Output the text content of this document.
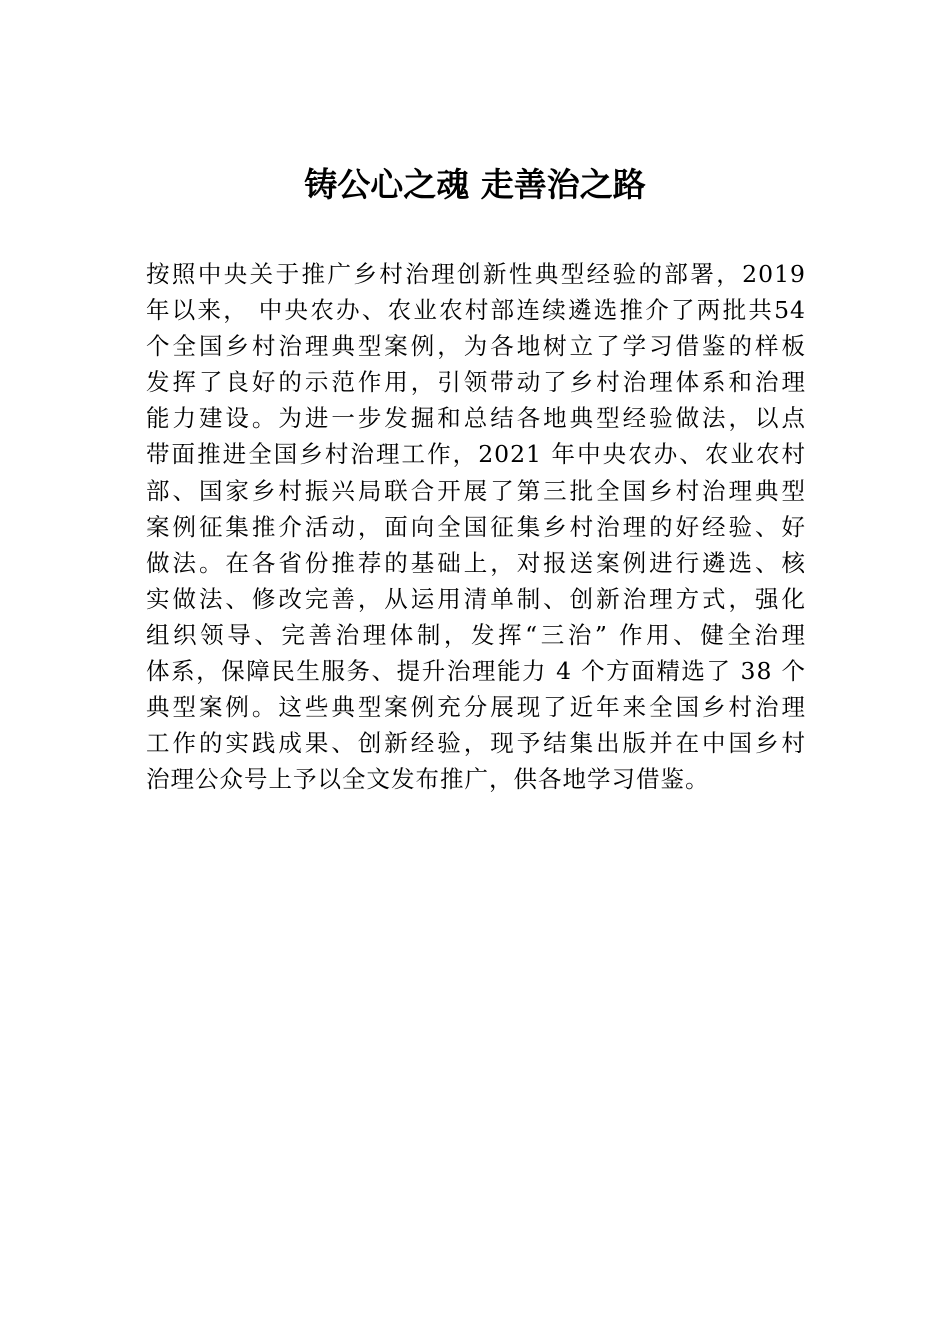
铸公心之魂 走善治之路
按照中央关于推广乡村治理创新性典型经验的部署，2019
年以来， 中央农办、农业农村部连续遴选推介了两批共54
个全国乡村治理典型案例，为各地树立了学习借鉴的样板
发挥了良好的示范作用，引领带动了乡村治理体系和治理
能力建设。为进一步发掘和总结各地典型经验做法，以点
带面推进全国乡村治理工作，2021 年中央农办、农业农村
部、国家乡村振兴局联合开展了第三批全国乡村治理典型
案例征集推介活动，面向全国征集乡村治理的好经验、好
做法。在各省份推荐的基础上，对报送案例进行遴选、核
实做法、修改完善，从运用清单制、创新治理方式，强化
组织领导、完善治理体制，发挥“三治” 作用、健全治理
体系，保障民生服务、提升治理能力 4 个方面精选了 38 个
典型案例。这些典型案例充分展现了近年来全国乡村治理
工作的实践成果、创新经验，现予结集出版并在中国乡村
治理公众号上予以全文发布推广，供各地学习借鉴。
